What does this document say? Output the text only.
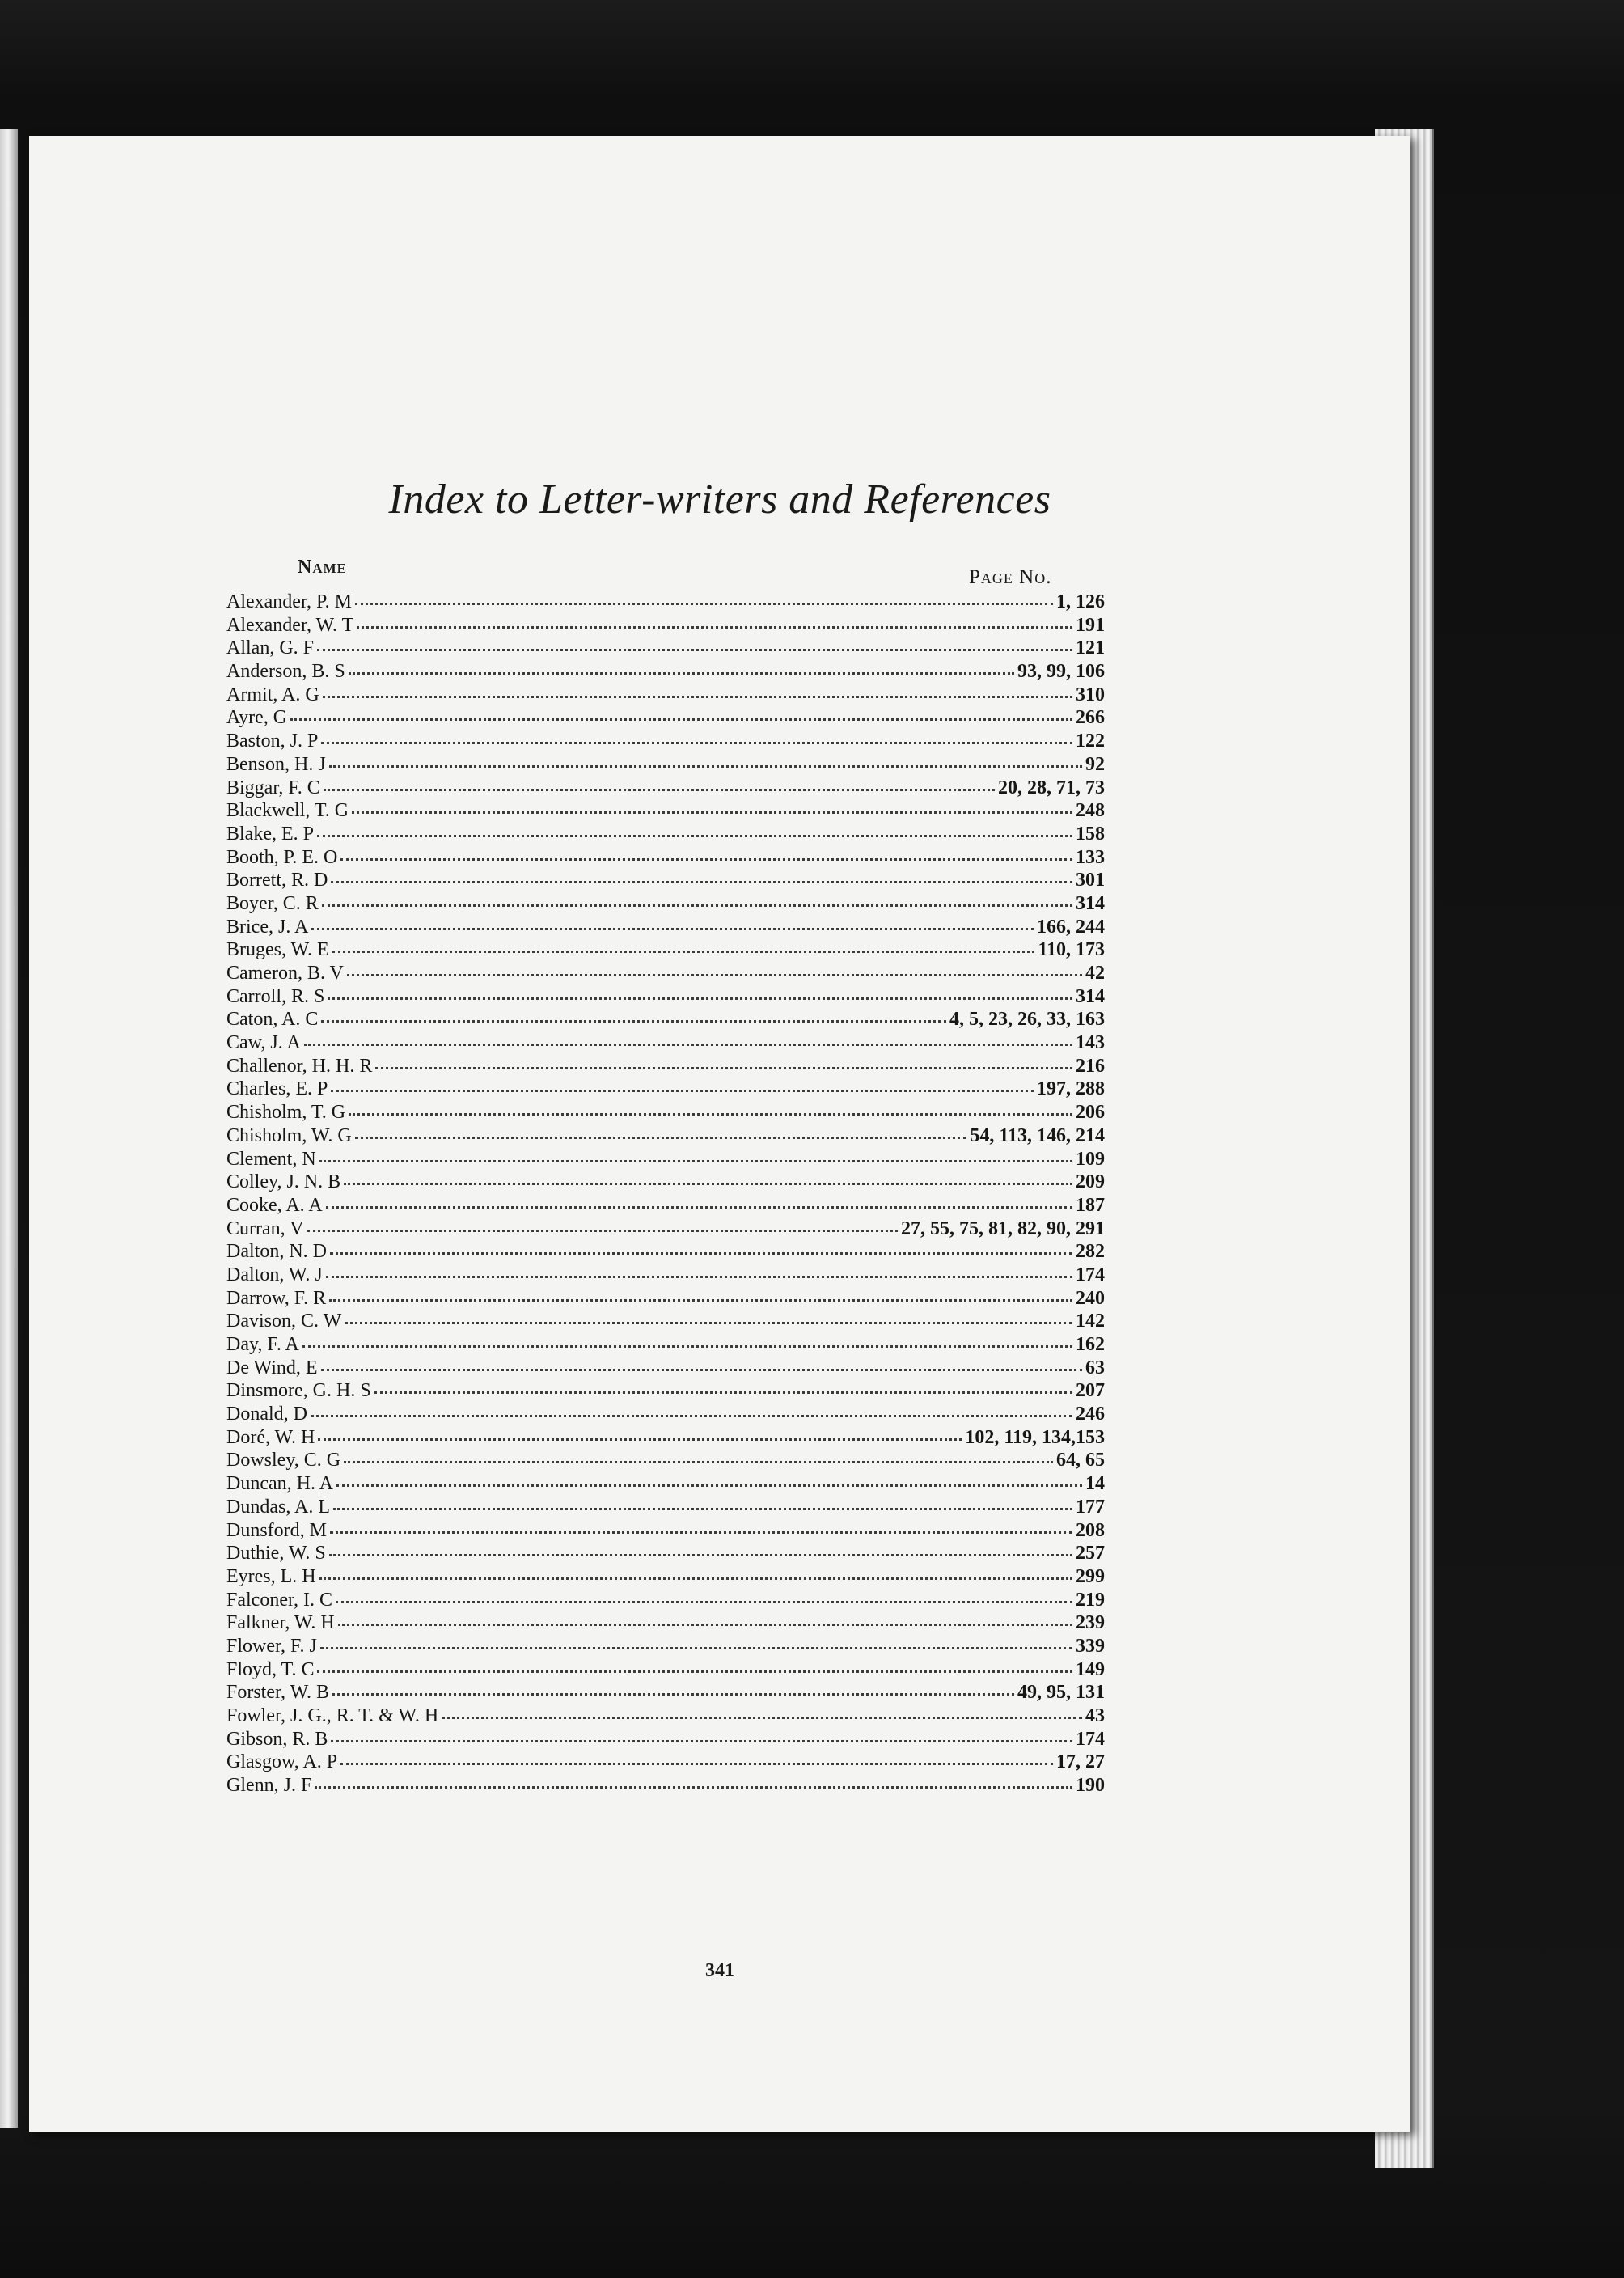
Index to Letter-writers and References
Name	Page No.
Alexander, P. M	1, 126
Alexander, W. T	191
Allan, G. F	121
Anderson, B. S	93, 99, 106
Armit, A. G	310
Ayre, G	266
Baston, J. P	122
Benson, H. J	92
Biggar, F. C	20, 28, 71, 73
Blackwell, T. G	248
Blake, E. P	158
Booth, P. E. O	133
Borrett, R. D	301
Boyer, C. R	314
Brice, J. A	166, 244
Bruges, W. E	110, 173
Cameron, B. V	42
Carroll, R. S	314
Caton, A. C	4, 5, 23, 26, 33, 163
Caw, J. A	143
Challenor, H. H. R	216
Charles, E. P	197, 288
Chisholm, T. G	206
Chisholm, W. G	54, 113, 146, 214
Clement, N	109
Colley, J. N. B	209
Cooke, A. A	187
Curran, V	27, 55, 75, 81, 82, 90, 291
Dalton, N. D	282
Dalton, W. J	174
Darrow, F. R	240
Davison, C. W	142
Day, F. A	162
De Wind, E	63
Dinsmore, G. H. S	207
Donald, D	246
Doré, W. H	102, 119, 134,153
Dowsley, C. G	64, 65
Duncan, H. A	14
Dundas, A. L	177
Dunsford, M	208
Duthie, W. S	257
Eyres, L. H	299
Falconer, I. C	219
Falkner, W. H	239
Flower, F. J	339
Floyd, T. C	149
Forster, W. B	49, 95, 131
Fowler, J. G., R. T. & W. H	43
Gibson, R. B	174
Glasgow, A. P	17, 27
Glenn, J. F	190
341
